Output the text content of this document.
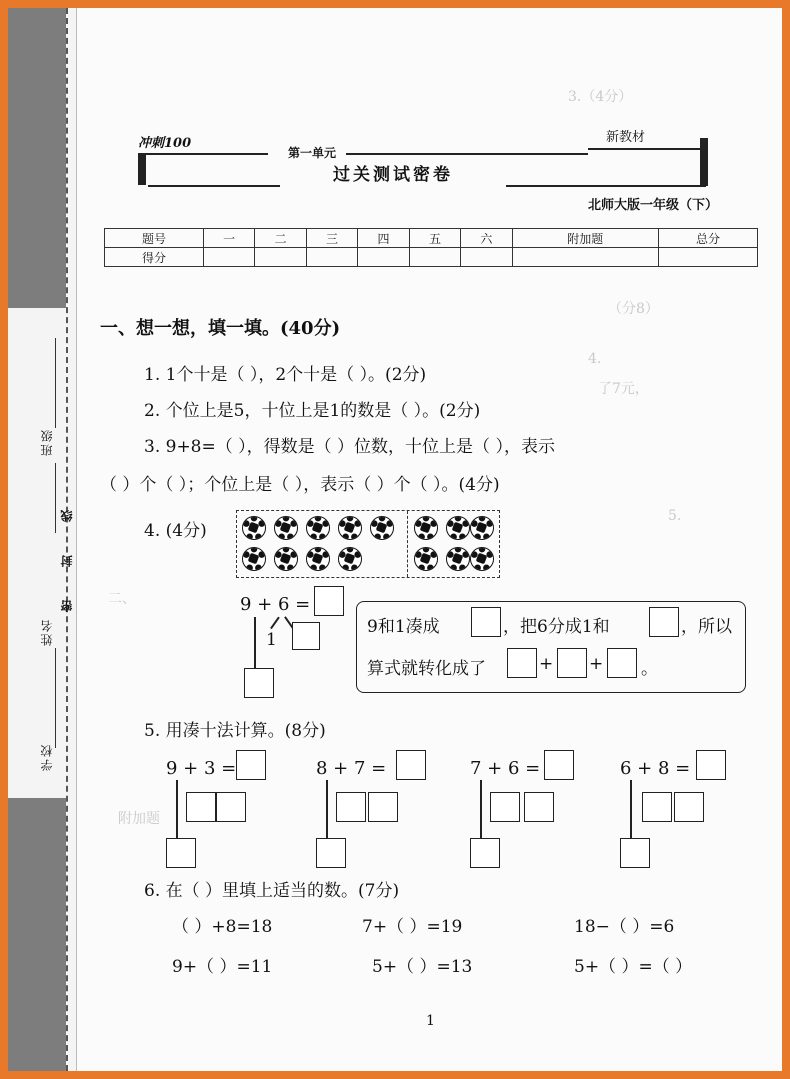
学校
姓名
班级
密
封
线
3.（4分）
（分8）
4.
了7元，
5.
二、
附加题
冲刺100
第一单元
新教材
过关测试密卷
北师大版一年级（下）
题号	一	二	三	四	五	六	附加题	总分
得分								
一、想一想，填一填。(40分)
1. 1个十是（ ），2个十是（ ）。(2分)
2. 个位上是5，十位上是1的数是（ ）。(2分)
3. 9+8=（ ），得数是（ ）位数，十位上是（ ），表示
（ ）个（ ）；个位上是（ ），表示（ ）个（ ）。(4分)
4. (4分)
9 + 6 =
1
9和1凑成	，把6分成1和	，所以
算式就转化成了	+ + 。
5. 用凑十法计算。(8分)
9 + 3 =	8 + 7 =	7 + 6 =	6 + 8 =
6. 在（ ）里填上适当的数。(7分)
（ ）+8=18	7+（ ）=19	18−（ ）=6
9+（ ）=11	5+（ ）=13	5+（ ）=（ ）
1
